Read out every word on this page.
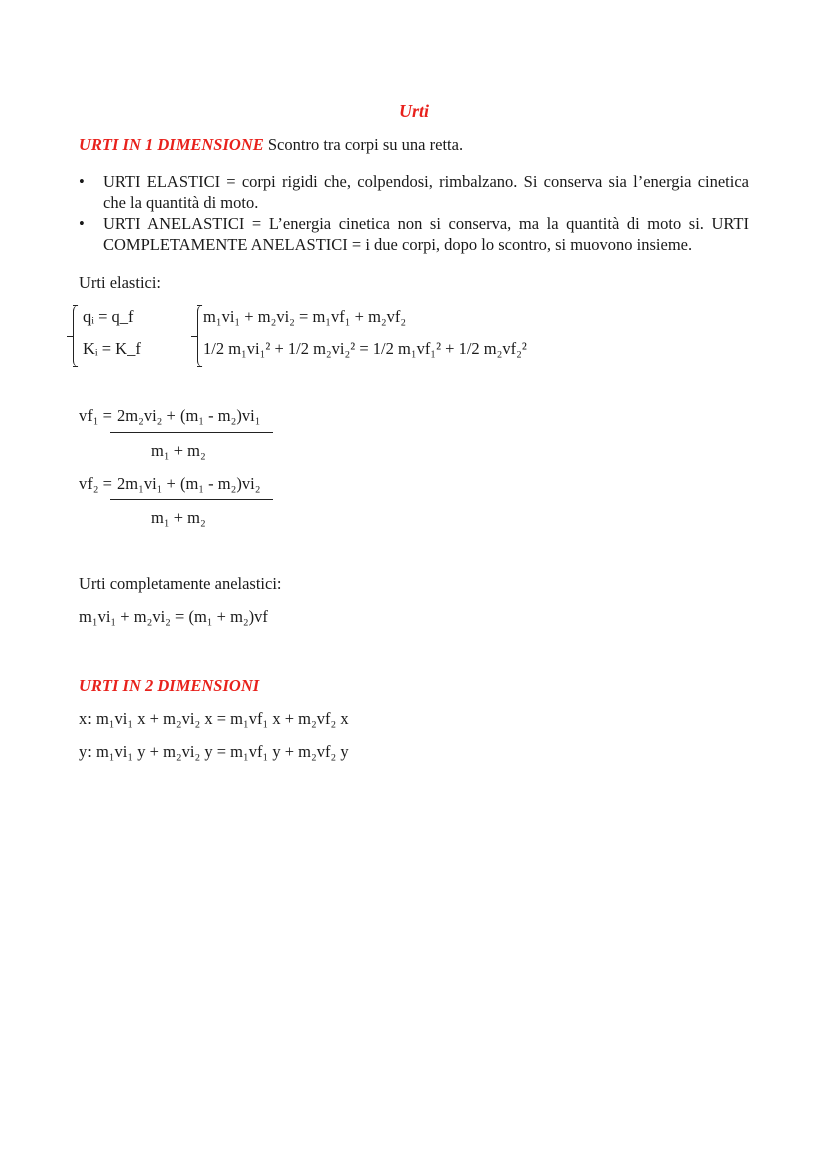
Urti
URTI IN 1 DIMENSIONE Scontro tra corpi su una retta.
• URTI ELASTICI = corpi rigidi che, colpendosi, rimbalzano. Si conserva sia l’energia cinetica che la quantità di moto.
• URTI ANELASTICI = L’energia cinetica non si conserva, ma la quantità di moto si. URTI COMPLETAMENTE ANELASTICI = i due corpi, dopo lo scontro, si muovono insieme.
Urti elastici:
qᵢ = q_f
Kᵢ = K_f
m₁vi₁ + m₂vi₂ = m₁vf₁ + m₂vf₂
1/2 m₁vi₁² + 1/2 m₂vi₂² = 1/2 m₁vf₁² + 1/2 m₂vf₂²
vf₁ = 2m₂vi₂ + (m₁ - m₂)vi₁
m₁ + m₂
vf₂ = 2m₁vi₁ + (m₁ - m₂)vi₂
m₁ + m₂
Urti completamente anelastici:
m₁vi₁ + m₂vi₂ = (m₁ + m₂)vf
URTI IN 2 DIMENSIONI
x: m₁vi₁ x + m₂vi₂ x = m₁vf₁ x + m₂vf₂ x
y: m₁vi₁ y + m₂vi₂ y = m₁vf₁ y + m₂vf₂ y
